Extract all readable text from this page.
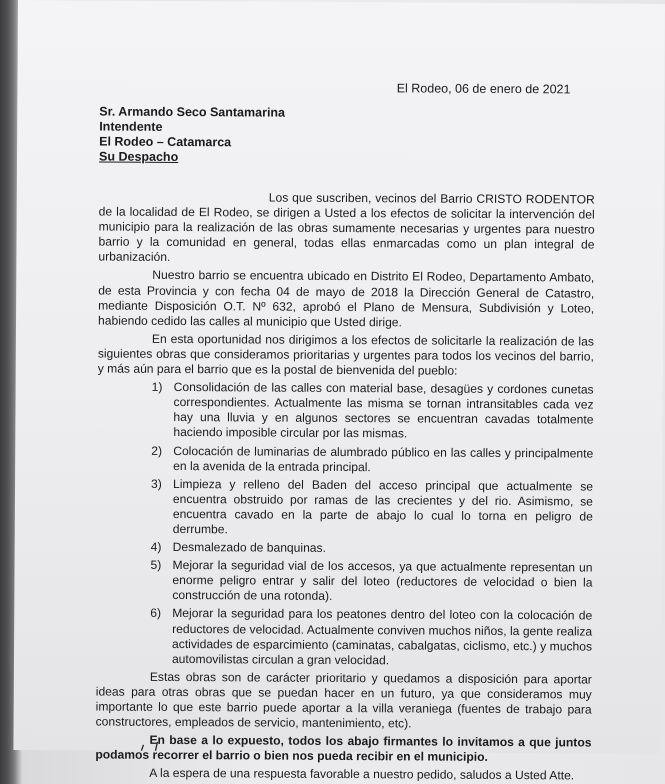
El Rodeo, 06 de enero de 2021
Sr. Armando Seco Santamarina
Intendente
El Rodeo – Catamarca
Su Despacho

Los que suscriben, vecinos del Barrio CRISTO RODENTOR de la localidad de El Rodeo, se dirigen a Usted a los efectos de solicitar la intervención del municipio para la realización de las obras sumamente necesarias y urgentes para nuestro barrio y la comunidad en general, todas ellas enmarcadas como un plan integral de urbanización.

Nuestro barrio se encuentra ubicado en Distrito El Rodeo, Departamento Ambato, de esta Provincia y con fecha 04 de mayo de 2018 la Dirección General de Catastro, mediante Disposición O.T. Nº 632, aprobó el Plano de Mensura, Subdivisión y Loteo, habiendo cedido las calles al municipio que Usted dirige.

En esta oportunidad nos dirigimos a los efectos de solicitarle la realización de las siguientes obras que consideramos prioritarias y urgentes para todos los vecinos del barrio, y más aún para el barrio que es la postal de bienvenida del pueblo:

1) Consolidación de las calles con material base, desagües y cordones cunetas correspondientes. Actualmente las misma se tornan intransitables cada vez hay una lluvia y en algunos sectores se encuentran cavadas totalmente haciendo imposible circular por las mismas.
2) Colocación de luminarias de alumbrado público en las calles y principalmente en la avenida de la entrada principal.
3) Limpieza y relleno del Baden del acceso principal que actualmente se encuentra obstruido por ramas de las crecientes y del rio. Asimismo, se encuentra cavado en la parte de abajo lo cual lo torna en peligro de derrumbe.
4) Desmalezado de banquinas.
5) Mejorar la seguridad vial de los accesos, ya que actualmente representan un enorme peligro entrar y salir del loteo (reductores de velocidad o bien la construcción de una rotonda).
6) Mejorar la seguridad para los peatones dentro del loteo con la colocación de reductores de velocidad. Actualmente conviven muchos niños, la gente realiza actividades de esparcimiento (caminatas, cabalgatas, ciclismo, etc.) y muchos automovilistas circulan a gran velocidad.

Estas obras son de carácter prioritario y quedamos a disposición para aportar ideas para otras obras que se puedan hacer en un futuro, ya que consideramos muy importante lo que este barrio puede aportar a la villa veraniega (fuentes de trabajo para constructores, empleados de servicio, mantenimiento, etc).

En base a lo expuesto, todos los abajo firmantes lo invitamos a que juntos podamos recorrer el barrio o bien nos pueda recibir en el municipio.

A la espera de una respuesta favorable a nuestro pedido, saludos a Usted Atte.
